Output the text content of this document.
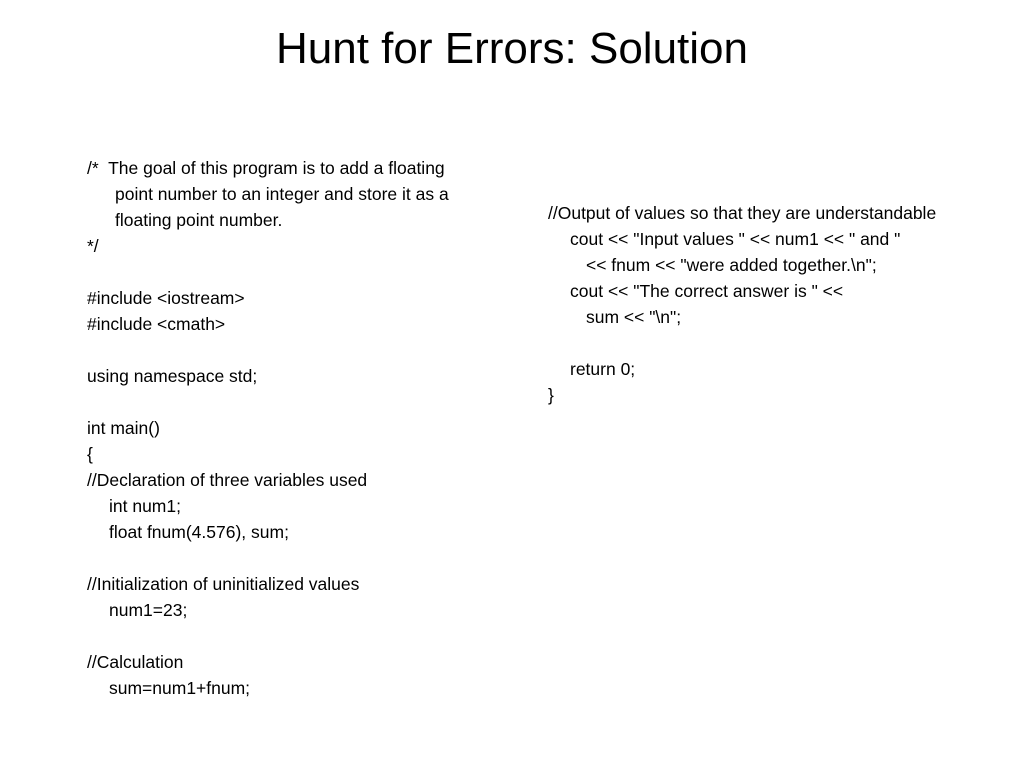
Hunt for Errors: Solution
/*  The goal of this program is to add a floating
point number to an integer and store it as a
floating point number.
*/
#include <iostream>
#include <cmath>
using namespace std;
int main()
{
//Declaration of three variables used
int num1;
float fnum(4.576), sum;
//Initialization of uninitialized values
num1=23;
//Calculation
sum=num1+fnum;
//Output of values so that they are understandable
cout << "Input values " << num1 << " and "
<< fnum << "were added together.\n";
cout << "The correct answer is " <<
sum << "\n";
return 0;
}
